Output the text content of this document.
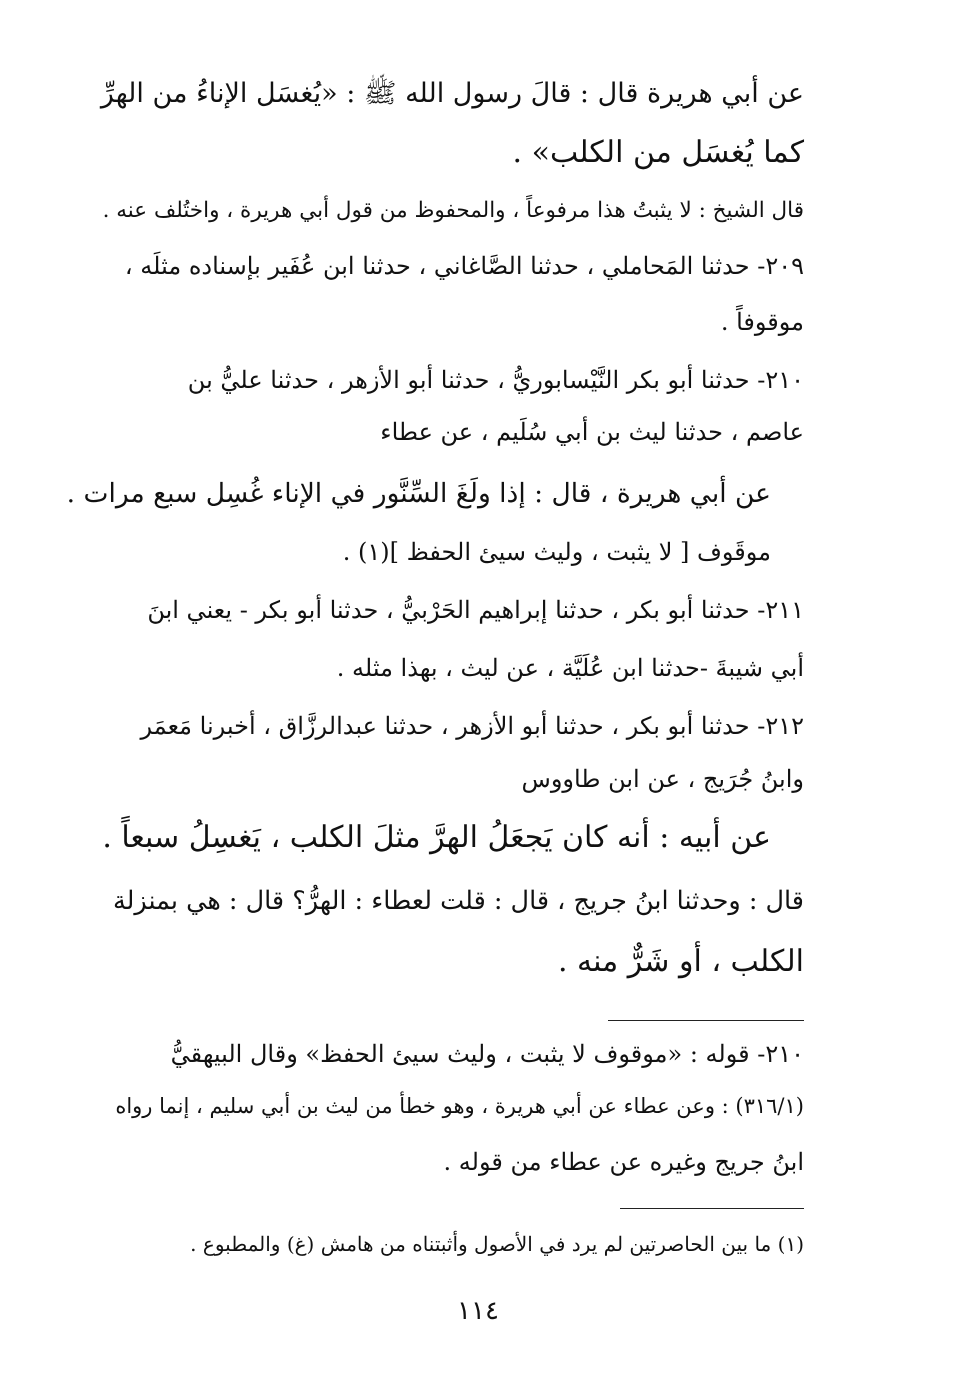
عن أبي هريرة قال : قالَ رسول الله ﷺ : «يُغسَل الإناءُ من الهرِّ

كما يُغسَل من الكلب» .

قال الشيخ : لا يثبتُ هذا مرفوعاً ، والمحفوظ من قول أبي هريرة ، واختُلف عنه .

٢٠٩- حدثنا المَحاملي ، حدثنا الصَّاغاني ، حدثنا ابن عُفَير بإسناده مثلَه ،

موقوفاً .

٢١٠- حدثنا أبو بكر النَّيْسابوريُّ ، حدثنا أبو الأزهر ، حدثنا عليُّ بن

عاصم ، حدثنا ليث بن أبي سُلَيم ، عن عطاء

عن أبي هريرة ، قال : إذا ولَغَ السِّنَّور في الإناء غُسِل سبع مرات .

موقَوف [ لا يثبت ، وليث سيئ الحفظ ](١) .

٢١١- حدثنا أبو بكر ، حدثنا إبراهيم الحَرْبيُّ ، حدثنا أبو بكر - يعني ابنَ

أبي شيبةَ -حدثنا ابن عُلَيَّة ، عن ليث ، بهذا مثله .

٢١٢- حدثنا أبو بكر ، حدثنا أبو الأزهر ، حدثنا عبدالرزَّاق ، أخبرنا مَعمَر

وابنُ جُرَيج ، عن ابن طاووس

عن أبيه : أنه كان يَجعَلُ الهرَّ مثلَ الكلب ، يَغسِلُ سبعاً .

قال : وحدثنا ابنُ جريج ، قال : قلت لعطاء : الهرُّ؟ قال : هي بمنزلة

الكلب ، أو شَرٌّ منه .

٢١٠- قوله : «موقوف لا يثبت ، وليث سيئ الحفظ» وقال البيهقيُّ

(٣١٦/١) : وعن عطاء عن أبي هريرة ، وهو خطأ من ليث بن أبي سليم ، إنما رواه

ابنُ جريج وغيره عن عطاء من قوله .

(١) ما بين الحاصرتين لم يرد في الأصول وأثبتناه من هامش (غ) والمطبوع .

١١٤
